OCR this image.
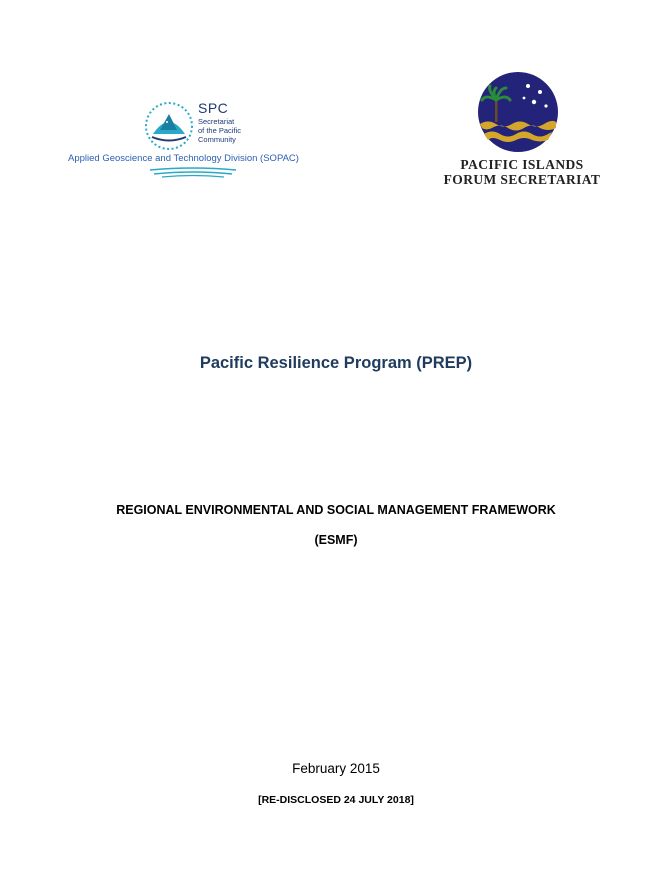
SPC
Secretariat
of the Pacific
Community
Applied Geoscience and Technology Division (SOPAC)	PACIFIC ISLANDS
FORUM SECRETARIAT
Pacific Resilience Program (PREP)
REGIONAL ENVIRONMENTAL AND SOCIAL MANAGEMENT FRAMEWORK
(ESMF)
February 2015
[RE-DISCLOSED 24 JULY 2018]
